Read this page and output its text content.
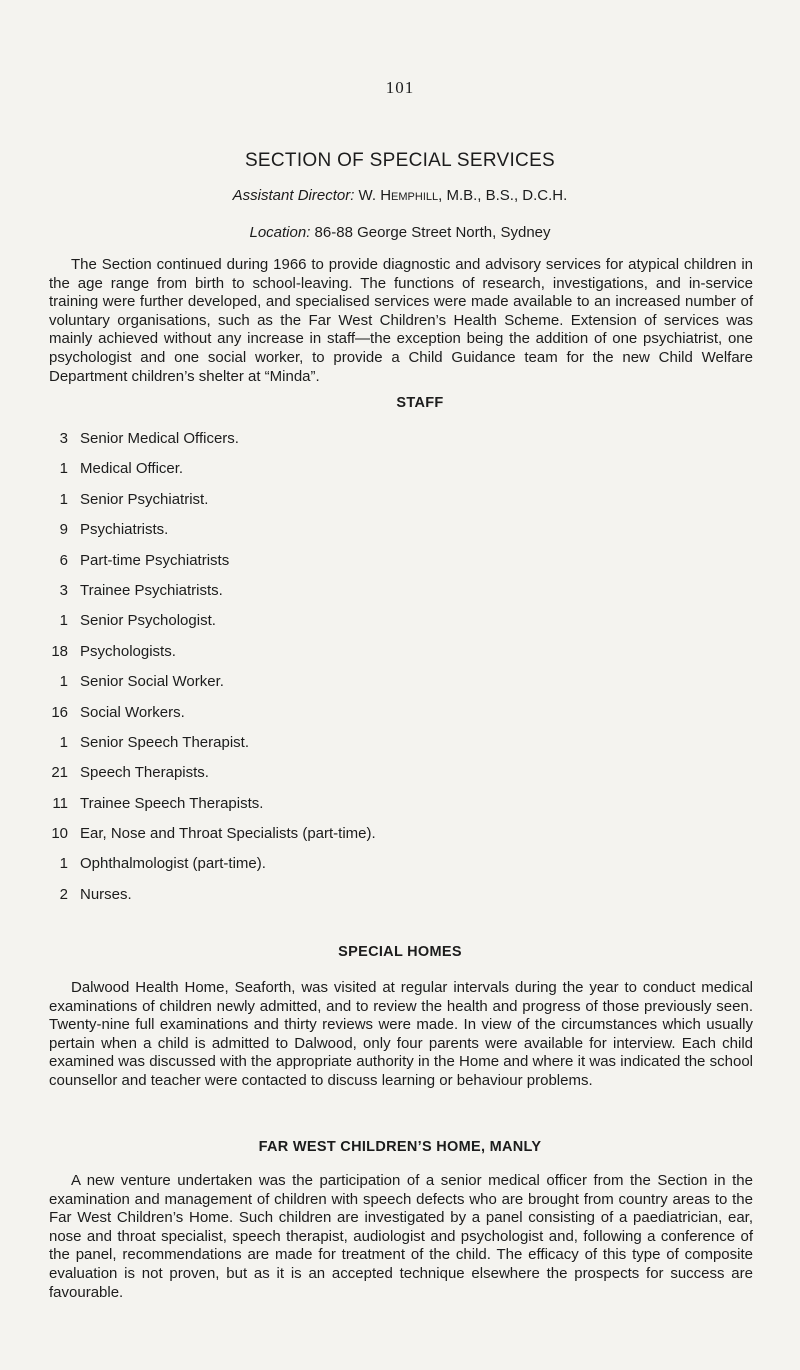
101
SECTION OF SPECIAL SERVICES
Assistant Director: W. Hemphill, M.B., B.S., D.C.H.
Location: 86-88 George Street North, Sydney
The Section continued during 1966 to provide diagnostic and advisory services for atypical children in the age range from birth to school-leaving. The functions of research, investigations, and in-service training were further developed, and specialised services were made available to an increased number of voluntary organisations, such as the Far West Children’s Health Scheme. Extension of services was mainly achieved without any increase in staff—the exception being the addition of one psychiatrist, one psychologist and one social worker, to provide a Child Guidance team for the new Child Welfare Department children’s shelter at “Minda”.
STAFF
3 Senior Medical Officers.
1 Medical Officer.
1 Senior Psychiatrist.
9 Psychiatrists.
6 Part-time Psychiatrists
3 Trainee Psychiatrists.
1 Senior Psychologist.
18 Psychologists.
1 Senior Social Worker.
16 Social Workers.
1 Senior Speech Therapist.
21 Speech Therapists.
11 Trainee Speech Therapists.
10 Ear, Nose and Throat Specialists (part-time).
1 Ophthalmologist (part-time).
2 Nurses.
SPECIAL HOMES
Dalwood Health Home, Seaforth, was visited at regular intervals during the year to conduct medical examinations of children newly admitted, and to review the health and progress of those previously seen. Twenty-nine full examinations and thirty reviews were made. In view of the circumstances which usually pertain when a child is admitted to Dalwood, only four parents were available for interview. Each child examined was discussed with the appropriate authority in the Home and where it was indicated the school counsellor and teacher were contacted to discuss learning or behaviour problems.
FAR WEST CHILDREN’S HOME, MANLY
A new venture undertaken was the participation of a senior medical officer from the Section in the examination and management of children with speech defects who are brought from country areas to the Far West Children’s Home. Such children are investigated by a panel consisting of a paediatrician, ear, nose and throat specialist, speech therapist, audiologist and psychologist and, following a conference of the panel, recommendations are made for treatment of the child. The efficacy of this type of composite evaluation is not proven, but as it is an accepted technique elsewhere the prospects for success are favourable.
